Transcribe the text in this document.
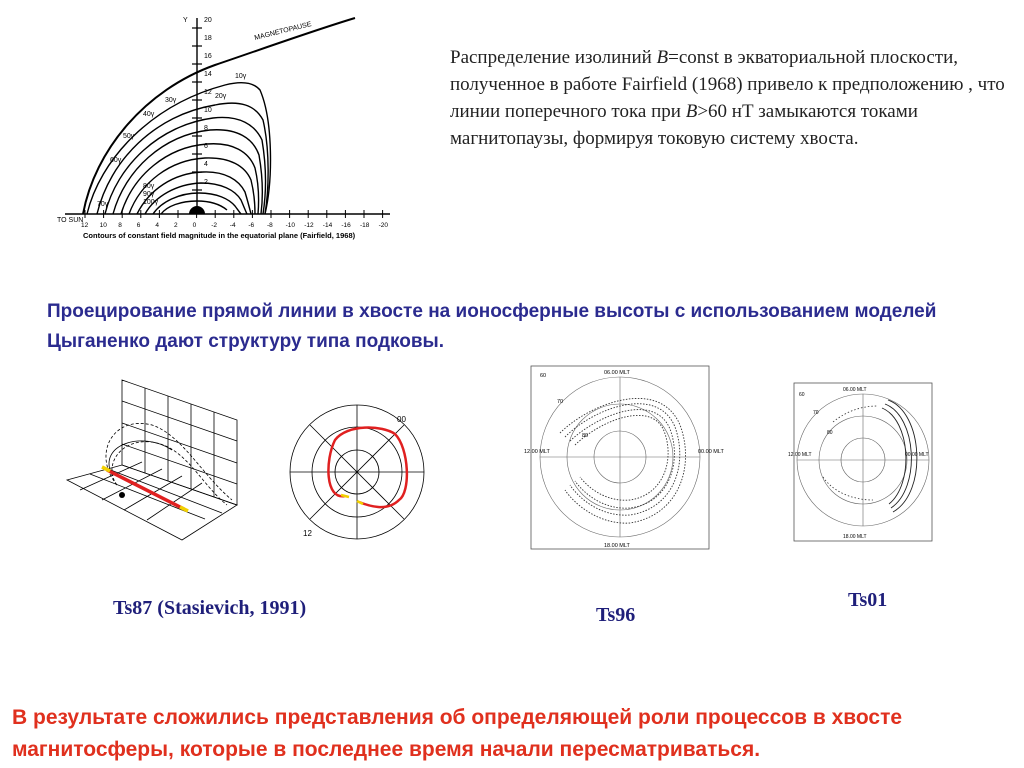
Y 20
18
16
14
12
10
8
6
4
2
MAGNETOPAUSE
TO SUN
10γ
20γ
30γ
40γ
50γ
60γ
70γ
80γ
90γ
100γ
12 10 8 6 4 2 0 -2 -4 -6 -8 -10 -12 -14 -16 -18 -20
Contours of constant field magnitude in the equatorial plane (Fairfield, 1968)
Распределение изолиний B=const в экваториальной плоскости, полученное в работе Fairfield (1968) привело к предположению , что линии поперечного тока при B>60 нТ замыкаются токами магнитопаузы, формируя токовую систему хвоста.
Проецирование прямой линии в хвосте на ионосферные высоты с использованием моделей Цыганенко дают структуру типа подковы.
00
12
06.00 MLT
18.00 MLT
12.00 MLT	00.00 MLT
60
70
80
06.00 MLT
18.00 MLT
12.00 MLT	00.00 MLT
60
70
80
Ts87 (Stasievich, 1991)	Ts96
Ts01
В результате сложились представления об определяющей роли процессов в хвосте магнитосферы, которые в последнее время начали пересматриваться.
